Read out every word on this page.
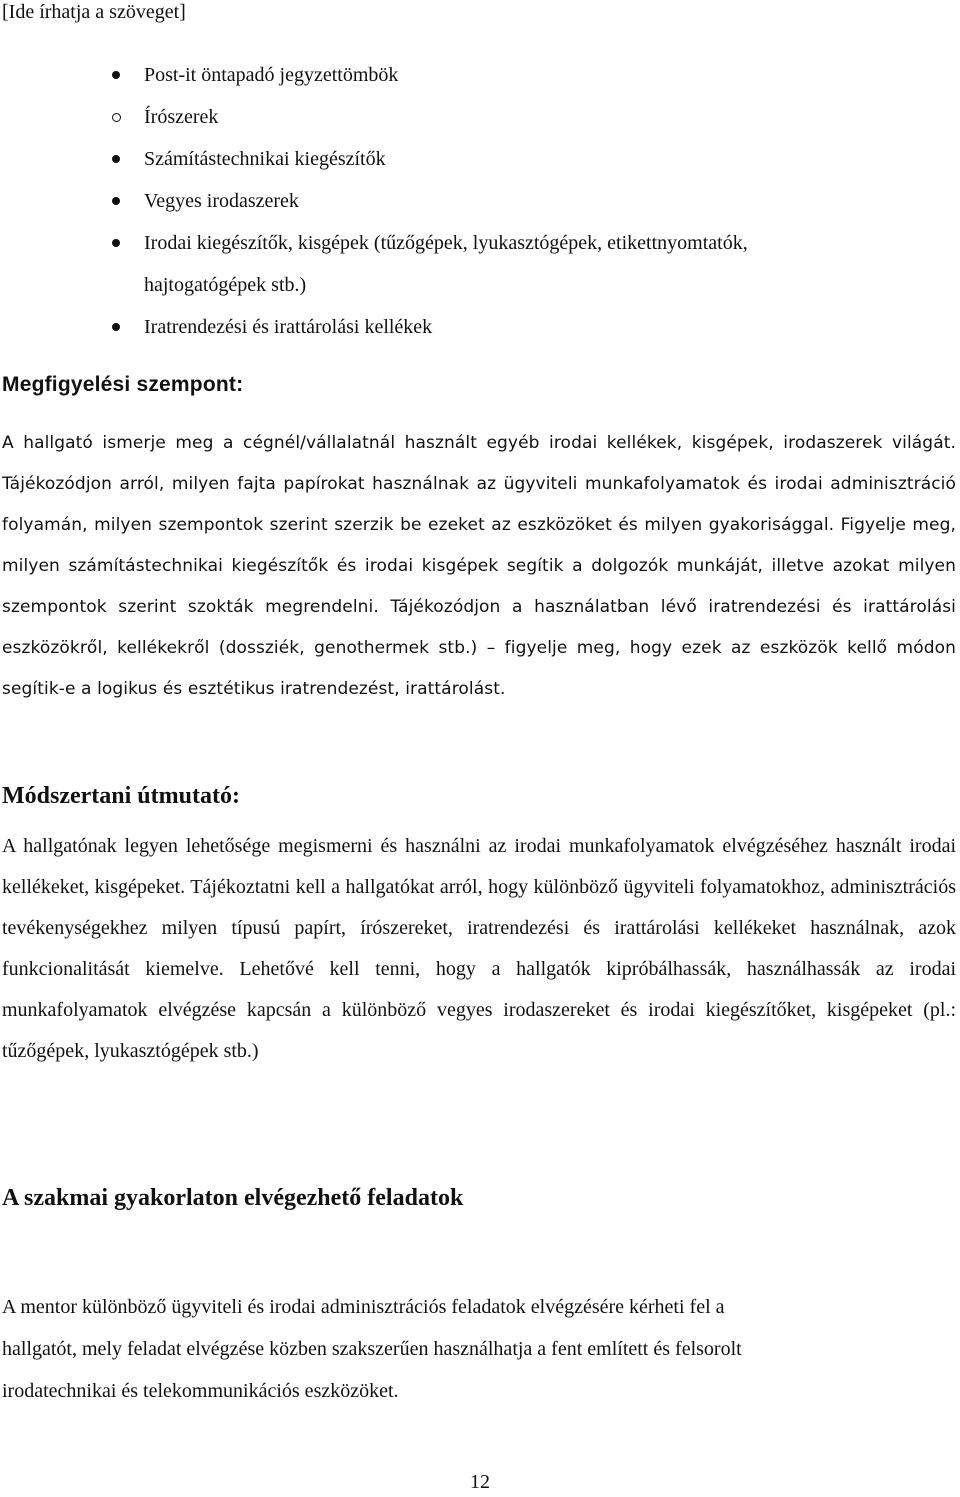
[Ide írhatja a szöveget]

Post-it öntapadó jegyzettömbök
Írószerek
Számítástechnikai kiegészítők
Vegyes irodaszerek
Irodai kiegészítők, kisgépek (tűzőgépek, lyukasztógépek, etikettnyomtatók,
hajtogatógépek stb.)
Iratrendezési és irattárolási kellékek
Megfigyelési szempont:

A hallgató ismerje meg a cégnél/vállalatnál használt egyéb irodai kellékek, kisgépek, irodaszerek világát. Tájékozódjon arról, milyen fajta papírokat használnak az ügyviteli munkafolyamatok és irodai adminisztráció folyamán, milyen szempontok szerint szerzik be ezeket az eszközöket és milyen gyakorisággal. Figyelje meg, milyen számítástechnikai kiegészítők és irodai kisgépek segítik a dolgozók munkáját, illetve azokat milyen szempontok szerint szokták megrendelni. Tájékozódjon a használatban lévő iratrendezési és irattárolási eszközökről, kellékekről (dossziék, genothermek stb.) – figyelje meg, hogy ezek az eszközök kellő módon segítik-e a logikus és esztétikus iratrendezést, irattárolást.

Módszertani útmutató:

A hallgatónak legyen lehetősége megismerni és használni az irodai munkafolyamatok elvégzéséhez használt irodai kellékeket, kisgépeket. Tájékoztatni kell a hallgatókat arról, hogy különböző ügyviteli folyamatokhoz, adminisztrációs tevékenységekhez milyen típusú papírt, írószereket, iratrendezési és irattárolási kellékeket használnak, azok funkcionalitását kiemelve. Lehetővé kell tenni, hogy a hallgatók kipróbálhassák, használhassák az irodai munkafolyamatok elvégzése kapcsán a különböző vegyes irodaszereket és irodai kiegészítőket, kisgépeket (pl.: tűzőgépek, lyukasztógépek stb.)

A szakmai gyakorlaton elvégezhető feladatok

A mentor különböző ügyviteli és irodai adminisztrációs feladatok elvégzésére kérheti fel a
hallgatót, mely feladat elvégzése közben szakszerűen használhatja a fent említett és felsorolt
irodatechnikai és telekommunikációs eszközöket.

12
